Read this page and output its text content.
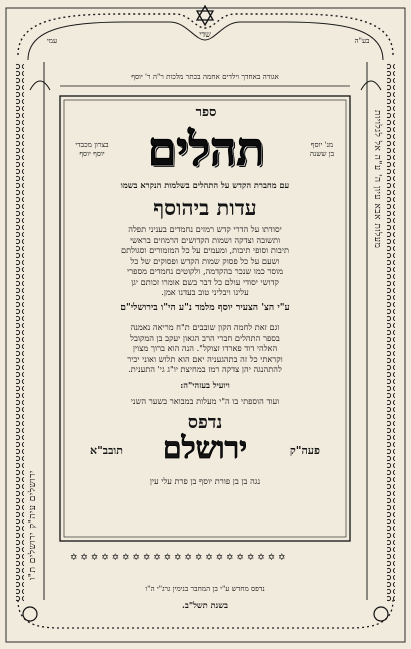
✡ ✡ ✡ ✡ ✡ ✡ ✡ ✡ ✡ ✡ ✡ ✡ ✡ ✡ ✡ ✡ ✡ ✡ ✡ ✡ ✡
בע"ה
עמי
שדי
אגודה באחדך וילדים אחמה בכתר מלכות ר"ה ר' יוסף
מעלות אבא עיון ה' ע"ה אל לגלויות
ירושלים עיה"ק ירושלים ת"ו
ספר

מנ' יוסף

בן ששנה

בצרון מכבדי

יוסף יוסף תהלים
עם מחברת הקדש על התהלים בשלמות הנקרא בשמו
עדות ביהוסף

יסודתו על הדרי קדש רמזים נחמדים בעניני תפלה

ותשובה וצדקה ושמות הקדושים הרמוזים בראשי

תיבות וסופי תיבות, ומעמים על כל המזמורים וסגולתם

ושעם על כל פסוק שמות הקדש ופסוקים של כל

מוסר כמו שנכר בהקדמה, ולקוטים נחמדים מספרי

קדושי יסודי עולם כל דבר בשם אומרו זכותם יגן

עלינו ויבליני טוב בעדנו אמן.

ע"י הצ' הצעיר יוסף מלמד נ"ע הי"ו בירושלי"ם

וגם זאת לחמה הקון שובבים ת"ח מריאה נאמנה

בספר התהלים חברי הרב הגאון יעקב בן המקובל

האלהי דוד פארדו זצוקל". הנה הוא ברוך מצוין

וקראתי כל זה בתהגעניה יאם הוא תלוש ואוני יכיר

להתהנגה יהן צדקה רמז במחיצת יו"ג גי' התענית.

ויועיל בעזהי"ה:
ועוד הוספתי בו ה"י מעלות במבואר בשער השני
נדפס
פעה"ק
ירושלם
תובב"א
נגה בן בן פורת יוסף בן פרת עלי עין
נדפס מחדש ע"י בן המחבר בנימין גרג"י ה"ו
בשנת תשל"ב.
